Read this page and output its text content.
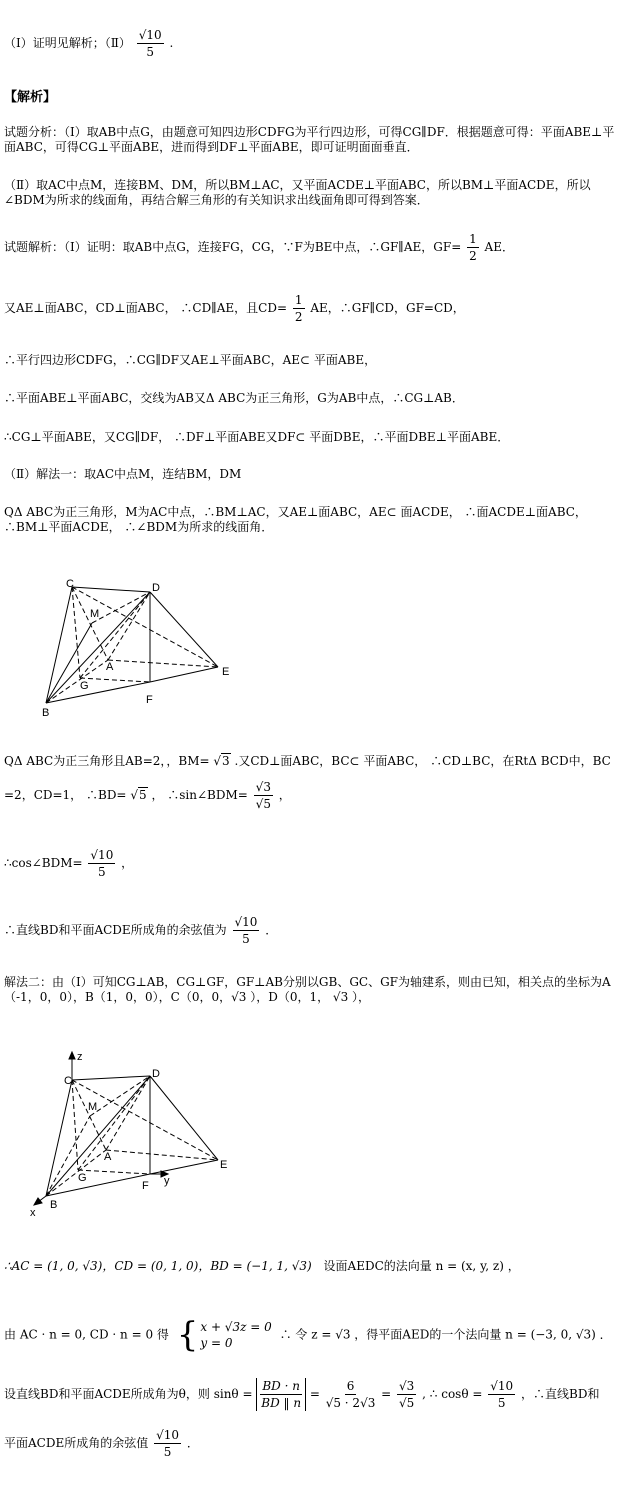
（Ⅰ）证明见解析；（Ⅱ） $\frac{√10}{5}$ .
【解析】
试题分析：（Ⅰ）取AB中点G，由题意可知四边形CDFG为平行四边形，可得CG∥DF．根据题意可得：平面ABE⊥平面ABC，可得CG⊥平面ABE，进而得到DF⊥平面ABE，即可证明面面垂直．
（Ⅱ）取AC中点M，连接BM、DM，所以BM⊥AC，又平面ACDE⊥平面ABC，所以BM⊥平面ACDE，所以∠BDM为所求的线面角，再结合解三角形的有关知识求出线面角即可得到答案．
试题解析：（Ⅰ）证明：取AB中点G，连接FG，CG，∵F为BE中点，∴GF∥AE，$GF= \frac{1}{2}$ AE．
又AE⊥面ABC，CD⊥面ABC， ∴CD∥AE，且$CD= \frac{1}{2}$ AE，∴GF∥CD，GF=CD，
∴平行四边形CDFG，∴CG∥DF又AE⊥平面ABC，AE⊂ 平面ABE，
∴平面ABE⊥平面ABC，交线为AB又Δ ABC为正三角形，G为AB中点，∴CG⊥AB．
∴CG⊥平面ABE，又CG∥DF， ∴DF⊥平面ABE又DF⊂ 平面DBE，∴平面DBE⊥平面ABE．
（Ⅱ）解法一：取AC中点M，连结BM，DM
QΔ ABC为正三角形，M为AC中点，∴BM⊥AC，又AE⊥面ABC，AE⊂ 面ACDE， ∴面ACDE⊥面ABC， ∴BM⊥平面ACDE， ∴∠BDM为所求的线面角．
C	D
M
A
G
B
F
E
QΔ ABC为正三角形且AB=2，，BM= √3 .又CD⊥面ABC，BC⊂ 平面ABC， ∴CD⊥BC，在RtΔ BCD中，BC
=2，CD=1， ∴BD= √5 ， ∴sin∠BDM= $\frac{√3}{√5}$ ，
∴cos∠BDM= $\frac{√10}{5}$ ，
∴直线BD和平面ACDE所成角的余弦值为 $\frac{√10}{5}$ ．
解法二：由（Ⅰ）可知CG⊥AB，CG⊥GF，GF⊥AB分别以GB、GC、GF为轴建系，则由已知，相关点的坐标为A（-1，0，0），B（1，0，0），C（0，0，√3 ），D（0，1， √3 ），
z
C
D
M
A
G
F y
E
B
x
∴AC = (1, 0, √3)，CD = (0, 1, 0)，BD = (−1, 1, √3) 设面AEDC的法向量 n = (x, y, z) ，
由 AC · n = 0, CD · n = 0 得 { x + √3z = 0
y = 0
∴ 令 z = √3 ，得平面AED的一个法向量 n = (−3, 0, √3) ．
设直线BD和平面ACDE所成角为θ，则 $\sin\theta = \frac{BD \cdot n}{BD ‖ n} = \frac{6}{√5 \cdot 2√3} = \frac{√3}{√5}$ , ∴ $\cos\theta = \frac{√10}{5}$ ，∴直线BD和
平面ACDE所成角的余弦值 $\frac{√10}{5}$ ．
